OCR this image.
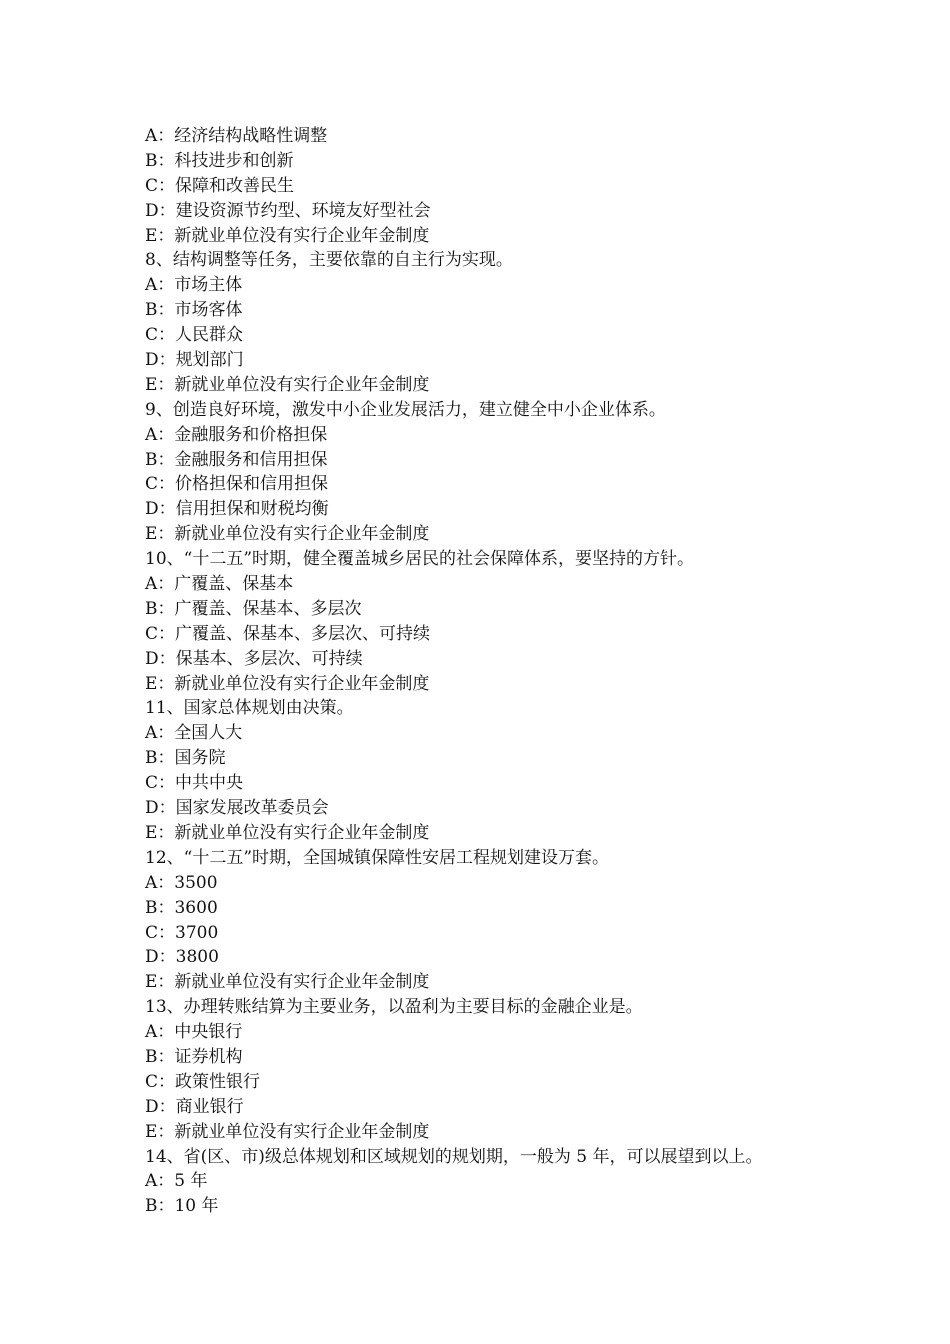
A：经济结构战略性调整

B：科技进步和创新

C：保障和改善民生

D：建设资源节约型、环境友好型社会

E：新就业单位没有实行企业年金制度

8、结构调整等任务，主要依靠的自主行为实现。

A：市场主体

B：市场客体

C：人民群众

D：规划部门

E：新就业单位没有实行企业年金制度

9、创造良好环境，激发中小企业发展活力，建立健全中小企业体系。

A：金融服务和价格担保

B：金融服务和信用担保

C：价格担保和信用担保

D：信用担保和财税均衡

E：新就业单位没有实行企业年金制度

10、“十二五”时期，健全覆盖城乡居民的社会保障体系，要坚持的方针。

A：广覆盖、保基本

B：广覆盖、保基本、多层次

C：广覆盖、保基本、多层次、可持续

D：保基本、多层次、可持续

E：新就业单位没有实行企业年金制度

11、国家总体规划由决策。

A：全国人大

B：国务院

C：中共中央

D：国家发展改革委员会

E：新就业单位没有实行企业年金制度

12、“十二五”时期，全国城镇保障性安居工程规划建设万套。

A：3500

B：3600

C：3700

D：3800

E：新就业单位没有实行企业年金制度

13、办理转账结算为主要业务，以盈利为主要目标的金融企业是。

A：中央银行

B：证券机构

C：政策性银行

D：商业银行

E：新就业单位没有实行企业年金制度

14、省(区、市)级总体规划和区域规划的规划期，一般为 5 年，可以展望到以上。

A：5 年

B：10 年
